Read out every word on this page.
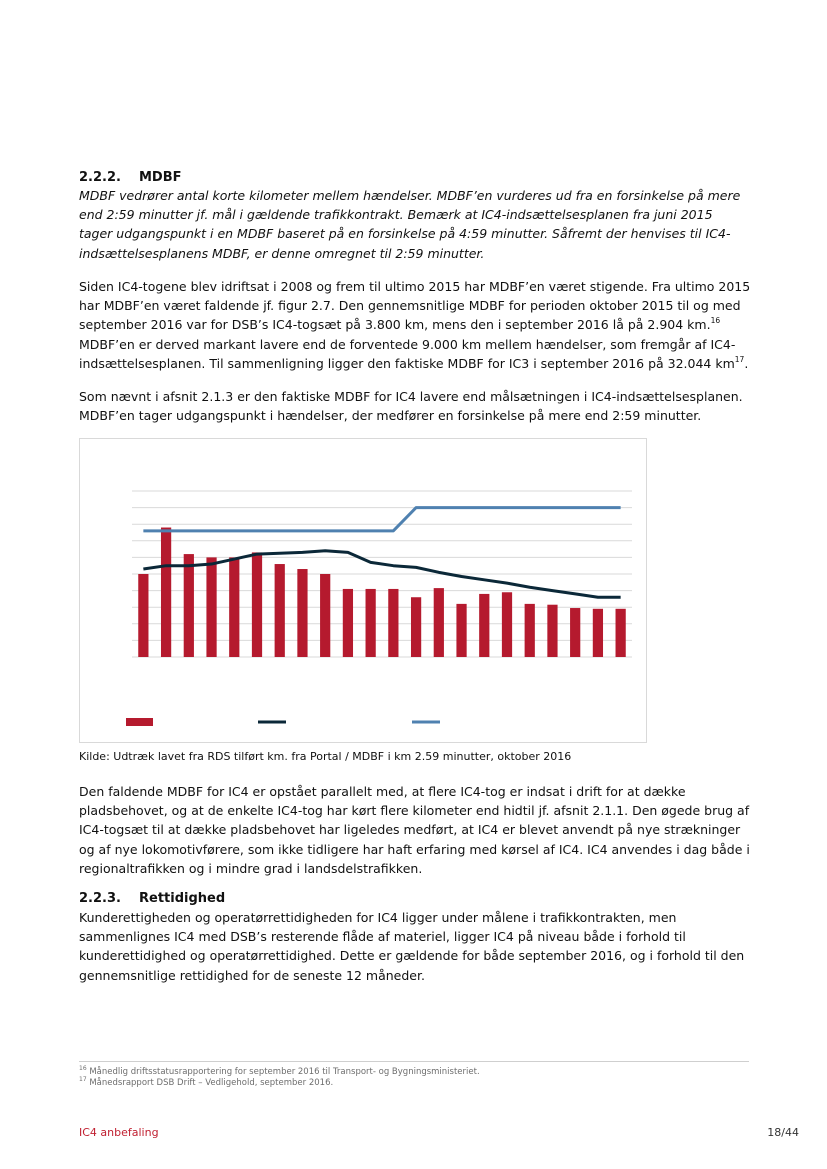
2.2.2. MDBF
MDBF vedrører antal korte kilometer mellem hændelser. MDBF’en vurderes ud fra en forsinkelse på mere end 2:59 minutter jf. mål i gældende trafikkontrakt. Bemærk at IC4-indsættelsesplanen fra juni 2015 tager udgangspunkt i en MDBF baseret på en forsinkelse på 4:59 minutter. Såfremt der henvises til IC4-indsættelsesplanens MDBF, er denne omregnet til 2:59 minutter.

Siden IC4-togene blev idriftsat i 2008 og frem til ultimo 2015 har MDBF’en været stigende. Fra ultimo 2015 har MDBF’en været faldende jf. figur 2.7. Den gennemsnitlige MDBF for perioden oktober 2015 til og med september 2016 var for DSB’s IC4-togsæt på 3.800 km, mens den i september 2016 lå på 2.904 km.$^{16}$ MDBF’en er derved markant lavere end de forventede 9.000 km mellem hændelser, som fremgår af IC4-indsættelsesplanen. Til sammenligning ligger den faktiske MDBF for IC3 i september 2016 på 32.044 $km^{17}$.

Som nævnt i afsnit 2.1.3 er den faktiske MDBF for IC4 lavere end målsætningen i IC4-indsættelsesplanen. MDBF’en tager udgangspunkt i hændelser, der medfører en forsinkelse på mere end 2:59 minutter.
Kilde: Udtræk lavet fra RDS tilført km. fra Portal / MDBF i km 2.59 minutter, oktober 2016
Den faldende MDBF for IC4 er opstået parallelt med, at flere IC4-tog er indsat i drift for at dække pladsbehovet, og at de enkelte IC4-tog har kørt flere kilometer end hidtil jf. afsnit 2.1.1. Den øgede brug af IC4-togsæt til at dække pladsbehovet har ligeledes medført, at IC4 er blevet anvendt på nye strækninger og af nye lokomotivførere, som ikke tidligere har haft erfaring med kørsel af IC4. IC4 anvendes i dag både i regionaltrafikken og i mindre grad i landsdelstrafikken.
2.2.3. Rettidighed
Kunderettigheden og operatørrettidigheden for IC4 ligger under målene i trafikkontrakten, men sammenlignes IC4 med DSB’s resterende flåde af materiel, ligger IC4 på niveau både i forhold til kunderettidighed og operatørrettidighed. Dette er gældende for både september 2016, og i forhold til den gennemsnitlige rettidighed for de seneste 12 måneder.
$^{16}$ Månedlig driftsstatusrapportering for september 2016 til Transport- og Bygningsministeriet.
$^{17}$ Månedsrapport DSB Drift – Vedligehold, september 2016.
IC4 anbefaling	18/44
